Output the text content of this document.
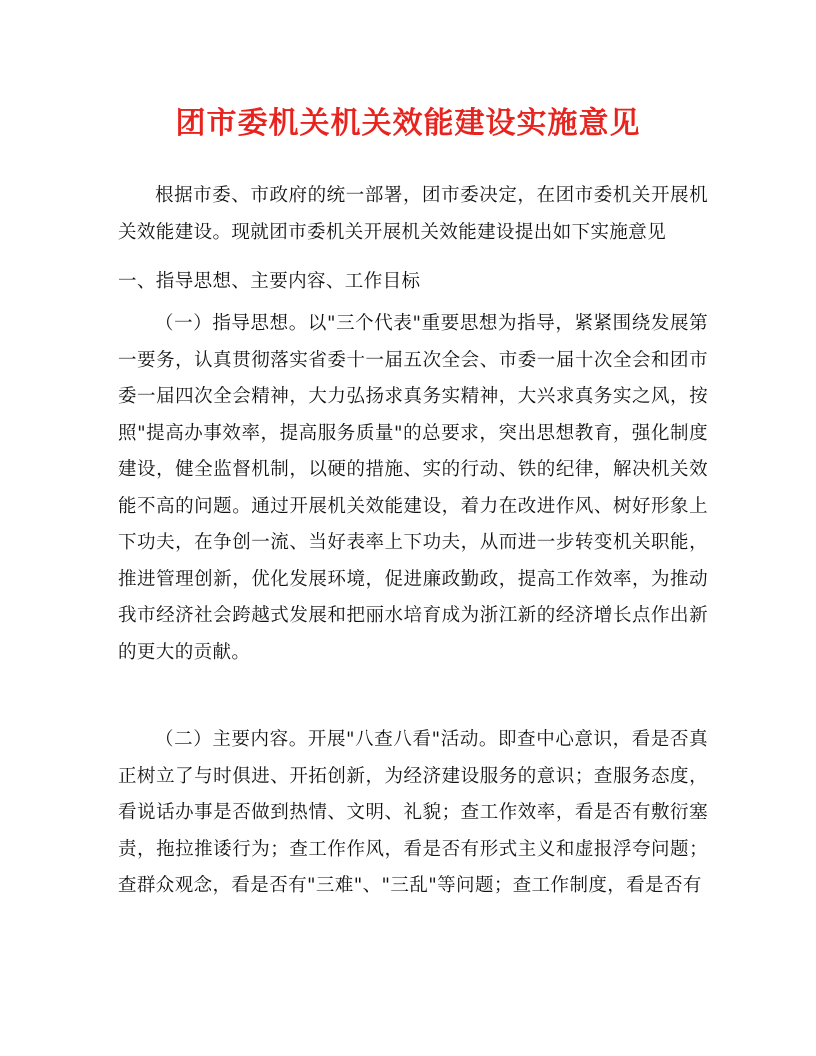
团市委机关机关效能建设实施意见

根据市委、市政府的统一部署，团市委决定，在团市委机关开展机关效能建设。现就团市委机关开展机关效能建设提出如下实施意见

一、指导思想、主要内容、工作目标

（一）指导思想。以"三个代表"重要思想为指导，紧紧围绕发展第一要务，认真贯彻落实省委十一届五次全会、市委一届十次全会和团市委一届四次全会精神，大力弘扬求真务实精神，大兴求真务实之风，按照"提高办事效率，提高服务质量"的总要求，突出思想教育，强化制度建设，健全监督机制，以硬的措施、实的行动、铁的纪律，解决机关效能不高的问题。通过开展机关效能建设，着力在改进作风、树好形象上下功夫，在争创一流、当好表率上下功夫，从而进一步转变机关职能，推进管理创新，优化发展环境，促进廉政勤政，提高工作效率，为推动我市经济社会跨越式发展和把丽水培育成为浙江新的经济增长点作出新的更大的贡献。

（二）主要内容。开展"八查八看"活动。即查中心意识，看是否真正树立了与时俱进、开拓创新，为经济建设服务的意识；查服务态度，看说话办事是否做到热情、文明、礼貌；查工作效率，看是否有敷衍塞责，拖拉推诿行为；查工作作风，看是否有形式主义和虚报浮夸问题；查群众观念，看是否有"三难"、"三乱"等问题；查工作制度，看是否有
